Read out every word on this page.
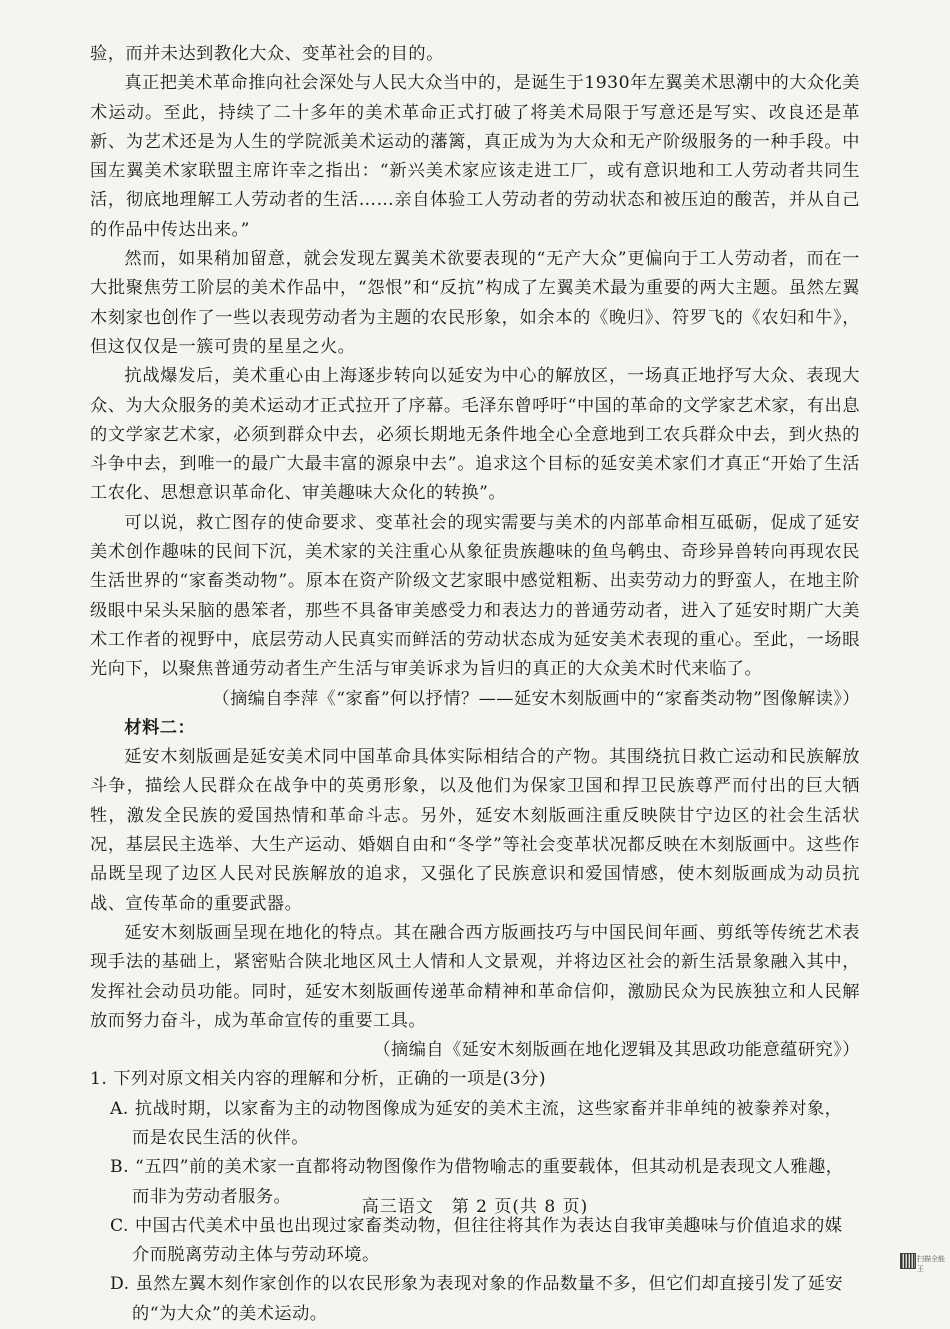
验，而并未达到教化大众、变革社会的目的。

真正把美术革命推向社会深处与人民大众当中的，是诞生于1930年左翼美术思潮中的大众化美术运动。至此，持续了二十多年的美术革命正式打破了将美术局限于写意还是写实、改良还是革新、为艺术还是为人生的学院派美术运动的藩篱，真正成为为大众和无产阶级服务的一种手段。中国左翼美术家联盟主席许幸之指出：“新兴美术家应该走进工厂，或有意识地和工人劳动者共同生活，彻底地理解工人劳动者的生活……亲自体验工人劳动者的劳动状态和被压迫的酸苦，并从自己的作品中传达出来。”

然而，如果稍加留意，就会发现左翼美术欲要表现的“无产大众”更偏向于工人劳动者，而在一大批聚焦劳工阶层的美术作品中，“怨恨”和“反抗”构成了左翼美术最为重要的两大主题。虽然左翼木刻家也创作了一些以表现劳动者为主题的农民形象，如余本的《晚归》、符罗飞的《农妇和牛》，但这仅仅是一簇可贵的星星之火。

抗战爆发后，美术重心由上海逐步转向以延安为中心的解放区，一场真正地抒写大众、表现大众、为大众服务的美术运动才正式拉开了序幕。毛泽东曾呼吁“中国的革命的文学家艺术家，有出息的文学家艺术家，必须到群众中去，必须长期地无条件地全心全意地到工农兵群众中去，到火热的斗争中去，到唯一的最广大最丰富的源泉中去”。追求这个目标的延安美术家们才真正“开始了生活工农化、思想意识革命化、审美趣味大众化的转换”。

可以说，救亡图存的使命要求、变革社会的现实需要与美术的内部革命相互砥砺，促成了延安美术创作趣味的民间下沉，美术家的关注重心从象征贵族趣味的鱼鸟鹌虫、奇珍异兽转向再现农民生活世界的“家畜类动物”。原本在资产阶级文艺家眼中感觉粗粝、出卖劳动力的野蛮人，在地主阶级眼中呆头呆脑的愚笨者，那些不具备审美感受力和表达力的普通劳动者，进入了延安时期广大美术工作者的视野中，底层劳动人民真实而鲜活的劳动状态成为延安美术表现的重心。至此，一场眼光向下，以聚焦普通劳动者生产生活与审美诉求为旨归的真正的大众美术时代来临了。

（摘编自李萍《“家畜”何以抒情？——延安木刻版画中的“家畜类动物”图像解读》）

材料二：

延安木刻版画是延安美术同中国革命具体实际相结合的产物。其围绕抗日救亡运动和民族解放斗争，描绘人民群众在战争中的英勇形象，以及他们为保家卫国和捍卫民族尊严而付出的巨大牺牲，激发全民族的爱国热情和革命斗志。另外，延安木刻版画注重反映陕甘宁边区的社会生活状况，基层民主选举、大生产运动、婚姻自由和“冬学”等社会变革状况都反映在木刻版画中。这些作品既呈现了边区人民对民族解放的追求，又强化了民族意识和爱国情感，使木刻版画成为动员抗战、宣传革命的重要武器。

延安木刻版画呈现在地化的特点。其在融合西方版画技巧与中国民间年画、剪纸等传统艺术表现手法的基础上，紧密贴合陕北地区风土人情和人文景观，并将边区社会的新生活景象融入其中，发挥社会动员功能。同时，延安木刻版画传递革命精神和革命信仰，激励民众为民族独立和人民解放而努力奋斗，成为革命宣传的重要工具。

（摘编自《延安木刻版画在地化逻辑及其思政功能意蕴研究》）

1. 下列对原文相关内容的理解和分析，正确的一项是(3分)

A. 抗战时期，以家畜为主的动物图像成为延安的美术主流，这些家畜并非单纯的被豢养对象，而是农民生活的伙伴。

B. “五四”前的美术家一直都将动物图像作为借物喻志的重要载体，但其动机是表现文人雅趣，而非为劳动者服务。

C. 中国古代美术中虽也出现过家畜类动物，但往往将其作为表达自我审美趣味与价值追求的媒介而脱离劳动主体与劳动环境。

D. 虽然左翼木刻作家创作的以农民形象为表现对象的作品数量不多，但它们却直接引发了延安的“为大众”的美术运动。

高三语文　第 2 页(共 8 页)
扫描全能王
